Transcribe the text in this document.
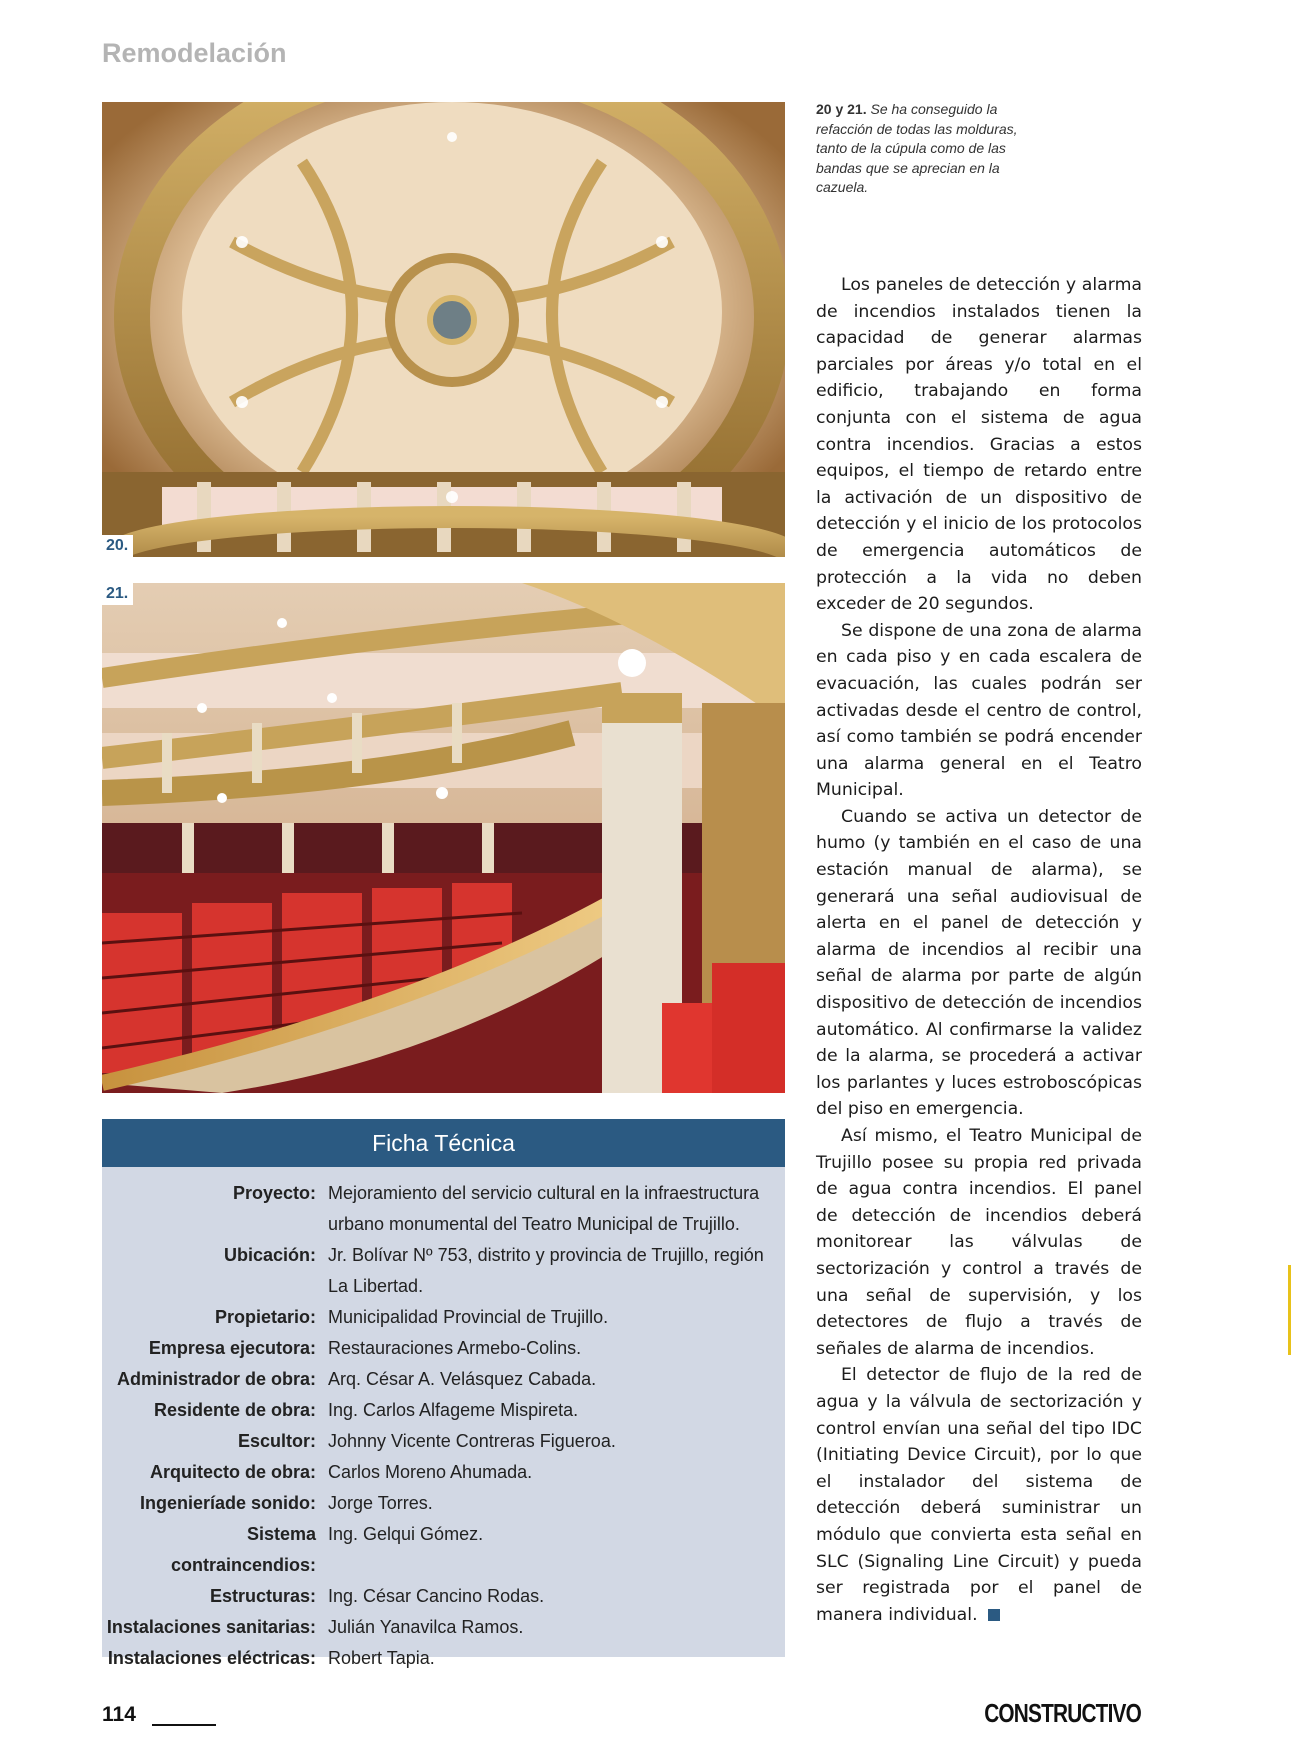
Remodelación
20.
21.
20 y 21. Se ha conseguido la refacción de todas las molduras, tanto de la cúpula como de las bandas que se aprecian en la cazuela.

Los paneles de detección y alarma de incendios instalados tienen la capacidad de generar alarmas parciales por áreas y/o total en el edificio, trabajando en forma conjunta con el sistema de agua contra incendios. Gracias a estos equipos, el tiempo de retardo entre la activación de un dispositivo de detección y el inicio de los protocolos de emergencia automáticos de protección a la vida no deben exceder de 20 segundos.

Se dispone de una zona de alarma en cada piso y en cada escalera de evacuación, las cuales podrán ser activadas desde el centro de control, así como también se podrá encender una alarma general en el Teatro Municipal.

Cuando se activa un detector de humo (y también en el caso de una estación manual de alarma), se generará una señal audiovisual de alerta en el panel de detección y alarma de incendios al recibir una señal de alarma por parte de algún dispositivo de detección de incendios automático. Al confirmarse la validez de la alarma, se procederá a activar los parlantes y luces estroboscópicas del piso en emergencia.

Así mismo, el Teatro Municipal de Trujillo posee su propia red privada de agua contra incendios. El panel de detección de incendios deberá monitorear las válvulas de sectorización y control a través de una señal de supervisión, y los detectores de flujo a través de señales de alarma de incendios.

El detector de flujo de la red de agua y la válvula de sectorización y control envían una señal del tipo IDC (Initiating Device Circuit), por lo que el instalador del sistema de detección deberá suministrar un módulo que convierta esta señal en SLC (Signaling Line Circuit) y pueda ser registrada por el panel de manera individual.

Ficha Técnica
Proyecto: Mejoramiento del servicio cultural en la infraestructura urbano monumental del Teatro Municipal de Trujillo.
Ubicación: Jr. Bolívar Nº 753, distrito y provincia de Trujillo, región La Libertad.
Propietario: Municipalidad Provincial de Trujillo.
Empresa ejecutora: Restauraciones Armebo-Colins.
Administrador de obra: Arq. César A. Velásquez Cabada.
Residente de obra: Ing. Carlos Alfageme Mispireta.
Escultor: Johnny Vicente Contreras Figueroa.
Arquitecto de obra: Carlos Moreno Ahumada.
Ingenieríade sonido: Jorge Torres.
Sistema contraincendios:
Ing. Gelqui Gómez.
Estructuras: Ing. César Cancino Rodas.
Instalaciones sanitarias: Julián Yanavilca Ramos.
Instalaciones eléctricas: Robert Tapia.
114	CONSTRUCTIVO
